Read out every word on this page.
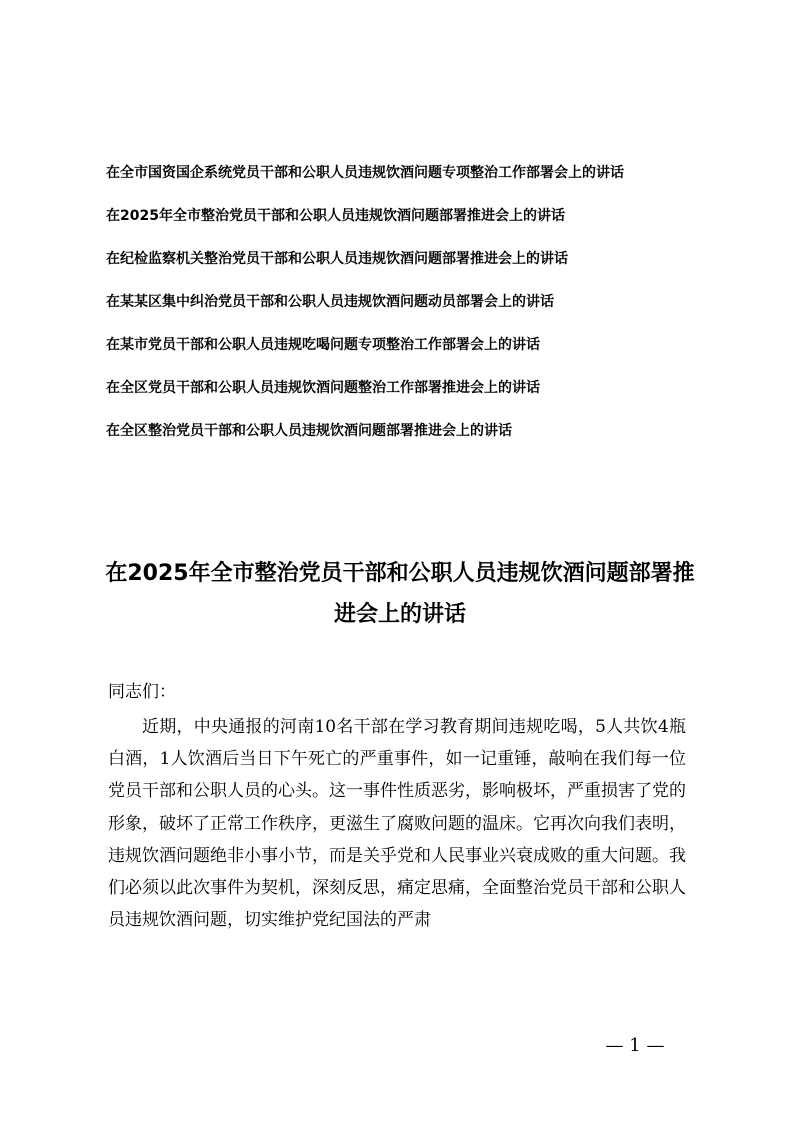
在全市国资国企系统党员干部和公职人员违规饮酒问题专项整治工作部署会上的讲话
在2025年全市整治党员干部和公职人员违规饮酒问题部署推进会上的讲话
在纪检监察机关整治党员干部和公职人员违规饮酒问题部署推进会上的讲话
在某某区集中纠治党员干部和公职人员违规饮酒问题动员部署会上的讲话
在某市党员干部和公职人员违规吃喝问题专项整治工作部署会上的讲话
在全区党员干部和公职人员违规饮酒问题整治工作部署推进会上的讲话
在全区整治党员干部和公职人员违规饮酒问题部署推进会上的讲话
在2025年全市整治党员干部和公职人员违规饮酒问题部署推进会上的讲话

同志们：

近期，中央通报的河南10名干部在学习教育期间违规吃喝，5人共饮4瓶白酒，1人饮酒后当日下午死亡的严重事件，如一记重锤，敲响在我们每一位党员干部和公职人员的心头。这一事件性质恶劣，影响极坏，严重损害了党的形象，破坏了正常工作秩序，更滋生了腐败问题的温床。它再次向我们表明，违规饮酒问题绝非小事小节，而是关乎党和人民事业兴衰成败的重大问题。我们必须以此次事件为契机，深刻反思，痛定思痛，全面整治党员干部和公职人员违规饮酒问题，切实维护党纪国法的严肃

— 1 —
